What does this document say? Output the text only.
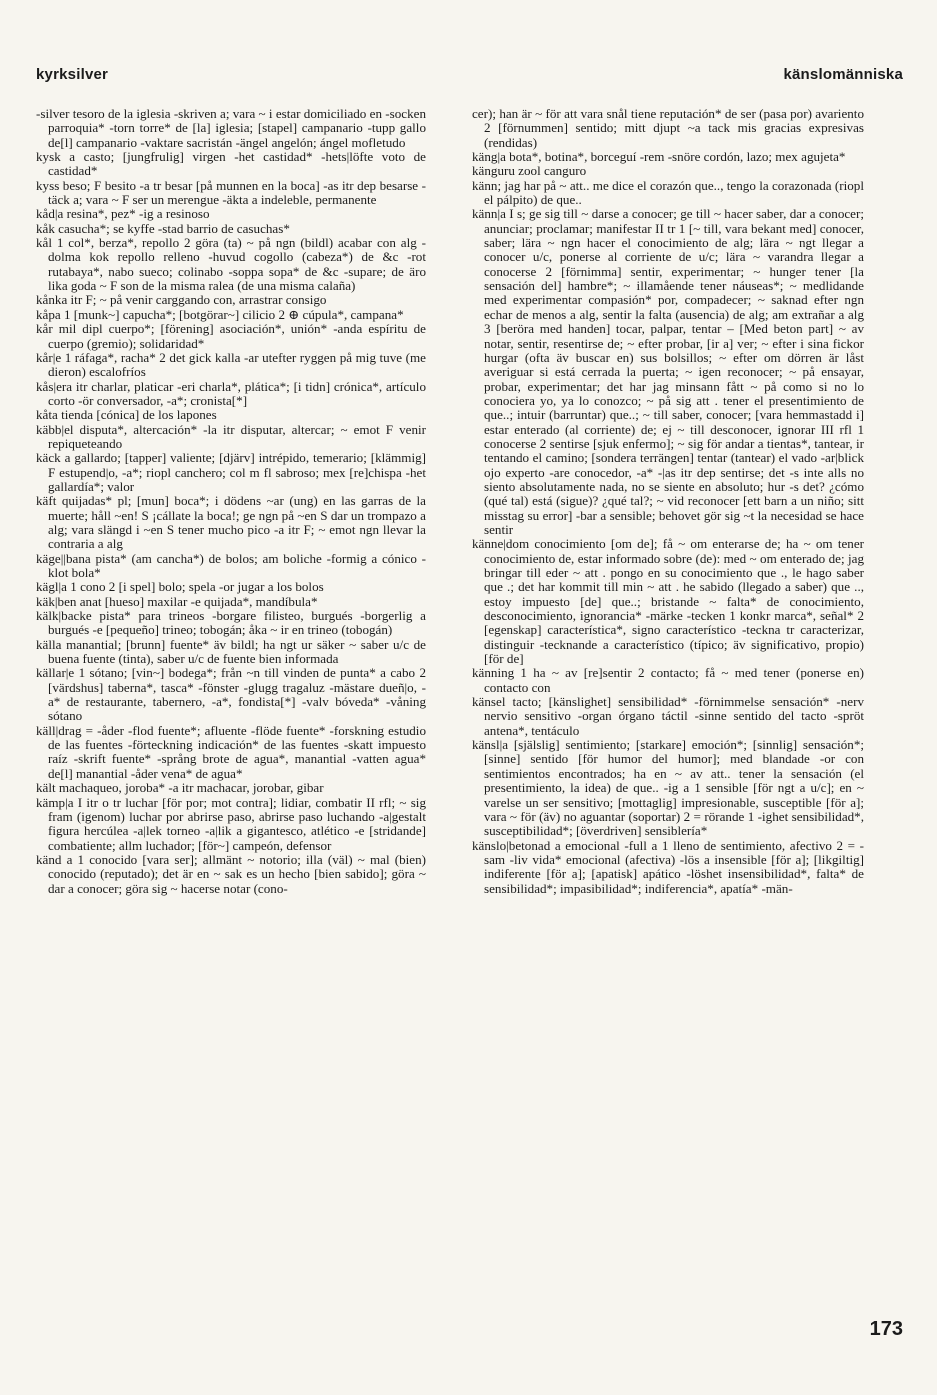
kyrksilver	känslomänniska

-silver tesoro de la iglesia -skriven a; vara ~ i estar domiciliado en -socken parroquia* -torn torre* de [la] iglesia; [stapel] campanario -tupp gallo de[l] campanario -vaktare sacristán -ängel angelón; ángel mofletudo

kysk a casto; [jungfrulig] virgen -het castidad* -hets|löfte voto de castidad*

kyss beso; F besito -a tr besar [på munnen en la boca] -as itr dep besarse -täck a; vara ~ F ser un merengue -äkta a indeleble, permanente

kåd|a resina*, pez* -ig a resinoso

kåk casucha*; se kyffe -stad barrio de casuchas*

kål 1 col*, berza*, repollo 2 göra (ta) ~ på ngn (bildl) acabar con alg -dolma kok repollo relleno -huvud cogollo (cabeza*) de &c -rot rutabaya*, nabo sueco; colinabo -soppa sopa* de &c -supare; de äro lika goda ~ F son de la misma ralea (de una misma calaña)

kånka itr F; ~ på venir carggando con, arrastrar consigo

kåpa 1 [munk~] capucha*; [botgörar~] cilicio 2 ⊕ cúpula*, campana*

kår mil dipl cuerpo*; [förening] asociación*, unión* -anda espíritu de cuerpo (gremio); solidaridad*

kår|e 1 ráfaga*, racha* 2 det gick kalla -ar utefter ryggen på mig tuve (me dieron) escalofríos

kås|era itr charlar, platicar -eri charla*, plática*; [i tidn] crónica*, artículo corto -ör conversador, -a*; cronista[*]

kåta tienda [cónica] de los lapones

käbb|el disputa*, altercación* -la itr disputar, altercar; ~ emot F venir repiqueteando

käck a gallardo; [tapper] valiente; [djärv] intrépido, temerario; [klämmig] F estupend|o, -a*; riopl canchero; col m fl sabroso; mex [re]chispa -het gallardía*; valor

käft quijadas* pl; [mun] boca*; i dödens ~ar (ung) en las garras de la muerte; håll ~en! S ¡cállate la boca!; ge ngn på ~en S dar un trompazo a alg; vara slängd i ~en S tener mucho pico -a itr F; ~ emot ngn llevar la contraria a alg

käge||bana pista* (am cancha*) de bolos; am boliche -formig a cónico -klot bola*

kägl|a 1 cono 2 [i spel] bolo; spela -or jugar a los bolos

käk|ben anat [hueso] maxilar -e quijada*, mandíbula*

kälk|backe pista* para trineos -borgare filisteo, burgués -borgerlig a burgués -e [pequeño] trineo; tobogán; åka ~ ir en trineo (tobogán)

källa manantial; [brunn] fuente* äv bildl; ha ngt ur säker ~ saber u/c de buena fuente (tinta), saber u/c de fuente bien informada

källar|e 1 sótano; [vin~] bodega*; från ~n till vinden de punta* a cabo 2 [värdshus] taberna*, tasca* -fönster -glugg tragaluz -mästare dueñ|o, -a* de restaurante, tabernero, -a*, fondista[*] -valv bóveda* -våning sótano

käll|drag = -åder -flod fuente*; afluente -flöde fuente* -forskning estudio de las fuentes -förteckning indicación* de las fuentes -skatt impuesto raíz -skrift fuente* -språng brote de agua*, manantial -vatten agua* de[l] manantial -åder vena* de agua*

kält machaqueo, joroba* -a itr machacar, jorobar, gibar

kämp|a I itr o tr luchar [för por; mot contra]; lidiar, combatir II rfl; ~ sig fram (igenom) luchar por abrirse paso, abrirse paso luchando -a|gestalt figura hercúlea -a|lek torneo -a|lik a gigantesco, atlético -e [stridande] combatiente; allm luchador; [för~] campeón, defensor

känd a 1 conocido [vara ser]; allmänt ~ notorio; illa (väl) ~ mal (bien) conocido (reputado); det är en ~ sak es un hecho [bien sabido]; göra ~ dar a conocer; göra sig ~ hacerse notar (cono-

cer); han är ~ för att vara snål tiene reputación* de ser (pasa por) avariento 2 [förnummen] sentido; mitt djupt ~a tack mis gracias expresivas (rendidas)

käng|a bota*, botina*, borceguí -rem -snöre cordón, lazo; mex agujeta*

känguru zool canguro

känn; jag har på ~ att.. me dice el corazón que.., tengo la corazonada (riopl el pálpito) de que..

känn|a I s; ge sig till ~ darse a conocer; ge till ~ hacer saber, dar a conocer; anunciar; proclamar; manifestar II tr 1 [~ till, vara bekant med] conocer, saber; lära ~ ngn hacer el conocimiento de alg; lära ~ ngt llegar a conocer u/c, ponerse al corriente de u/c; lära ~ varandra llegar a conocerse 2 [förnimma] sentir, experimentar; ~ hunger tener [la sensación del] hambre*; ~ illamående tener náuseas*; ~ medlidande med experimentar compasión* por, compadecer; ~ saknad efter ngn echar de menos a alg, sentir la falta (ausencia) de alg; am extrañar a alg 3 [beröra med handen] tocar, palpar, tentar – [Med beton part] ~ av notar, sentir, resentirse de; ~ efter probar, [ir a] ver; ~ efter i sina fickor hurgar (ofta äv buscar en) sus bolsillos; ~ efter om dörren är låst averiguar si está cerrada la puerta; ~ igen reconocer; ~ på ensayar, probar, experimentar; det har jag minsann fått ~ på como si no lo conociera yo, ya lo conozco; ~ på sig att . tener el presentimiento de que..; intuir (barruntar) que..; ~ till saber, conocer; [vara hemmastadd i] estar enterado (al corriente) de; ej ~ till desconocer, ignorar III rfl 1 conocerse 2 sentirse [sjuk enfermo]; ~ sig för andar a tientas*, tantear, ir tentando el camino; [sondera terrängen] tentar (tantear) el vado -ar|blick ojo experto -are conocedor, -a* -|as itr dep sentirse; det -s inte alls no siento absolutamente nada, no se siente en absoluto; hur -s det? ¿cómo (qué tal) está (sigue)? ¿qué tal?; ~ vid reconocer [ett barn a un niño; sitt misstag su error] -bar a sensible; behovet gör sig ~t la necesidad se hace sentir

känne|dom conocimiento [om de]; få ~ om enterarse de; ha ~ om tener conocimiento de, estar informado sobre (de): med ~ om enterado de; jag bringar till eder ~ att . pongo en su conocimiento que ., le hago saber que .; det har kommit till min ~ att . he sabido (llegado a saber) que .., estoy impuesto [de] que..; bristande ~ falta* de conocimiento, desconocimiento, ignorancia* -märke -tecken 1 konkr marca*, señal* 2 [egenskap] característica*, signo característico -teckna tr caracterizar, distinguir -tecknande a característico (típico; äv significativo, propio) [för de]

känning 1 ha ~ av [re]sentir 2 contacto; få ~ med tener (ponerse en) contacto con

känsel tacto; [känslighet] sensibilidad* -förnimmelse sensación* -nerv nervio sensitivo -organ órgano táctil -sinne sentido del tacto -spröt antena*, tentáculo

känsl|a [själslig] sentimiento; [starkare] emoción*; [sinnlig] sensación*; [sinne] sentido [för humor del humor]; med blandade -or con sentimientos encontrados; ha en ~ av att.. tener la sensación (el presentimiento, la idea) de que.. -ig a 1 sensible [för ngt a u/c]; en ~ varelse un ser sensitivo; [mottaglig] impresionable, susceptible [för a]; vara ~ för (äv) no aguantar (soportar) 2 = rörande 1 -ighet sensibilidad*, susceptibilidad*; [överdriven] sensiblería*

känslo|betonad a emocional -full a 1 lleno de sentimiento, afectivo 2 = -sam -liv vida* emocional (afectiva) -lös a insensible [för a]; [likgiltig] indiferente [för a]; [apatisk] apático -löshet insensibilidad*, falta* de sensibilidad*; impasibilidad*; indiferencia*, apatía* -män-

173
